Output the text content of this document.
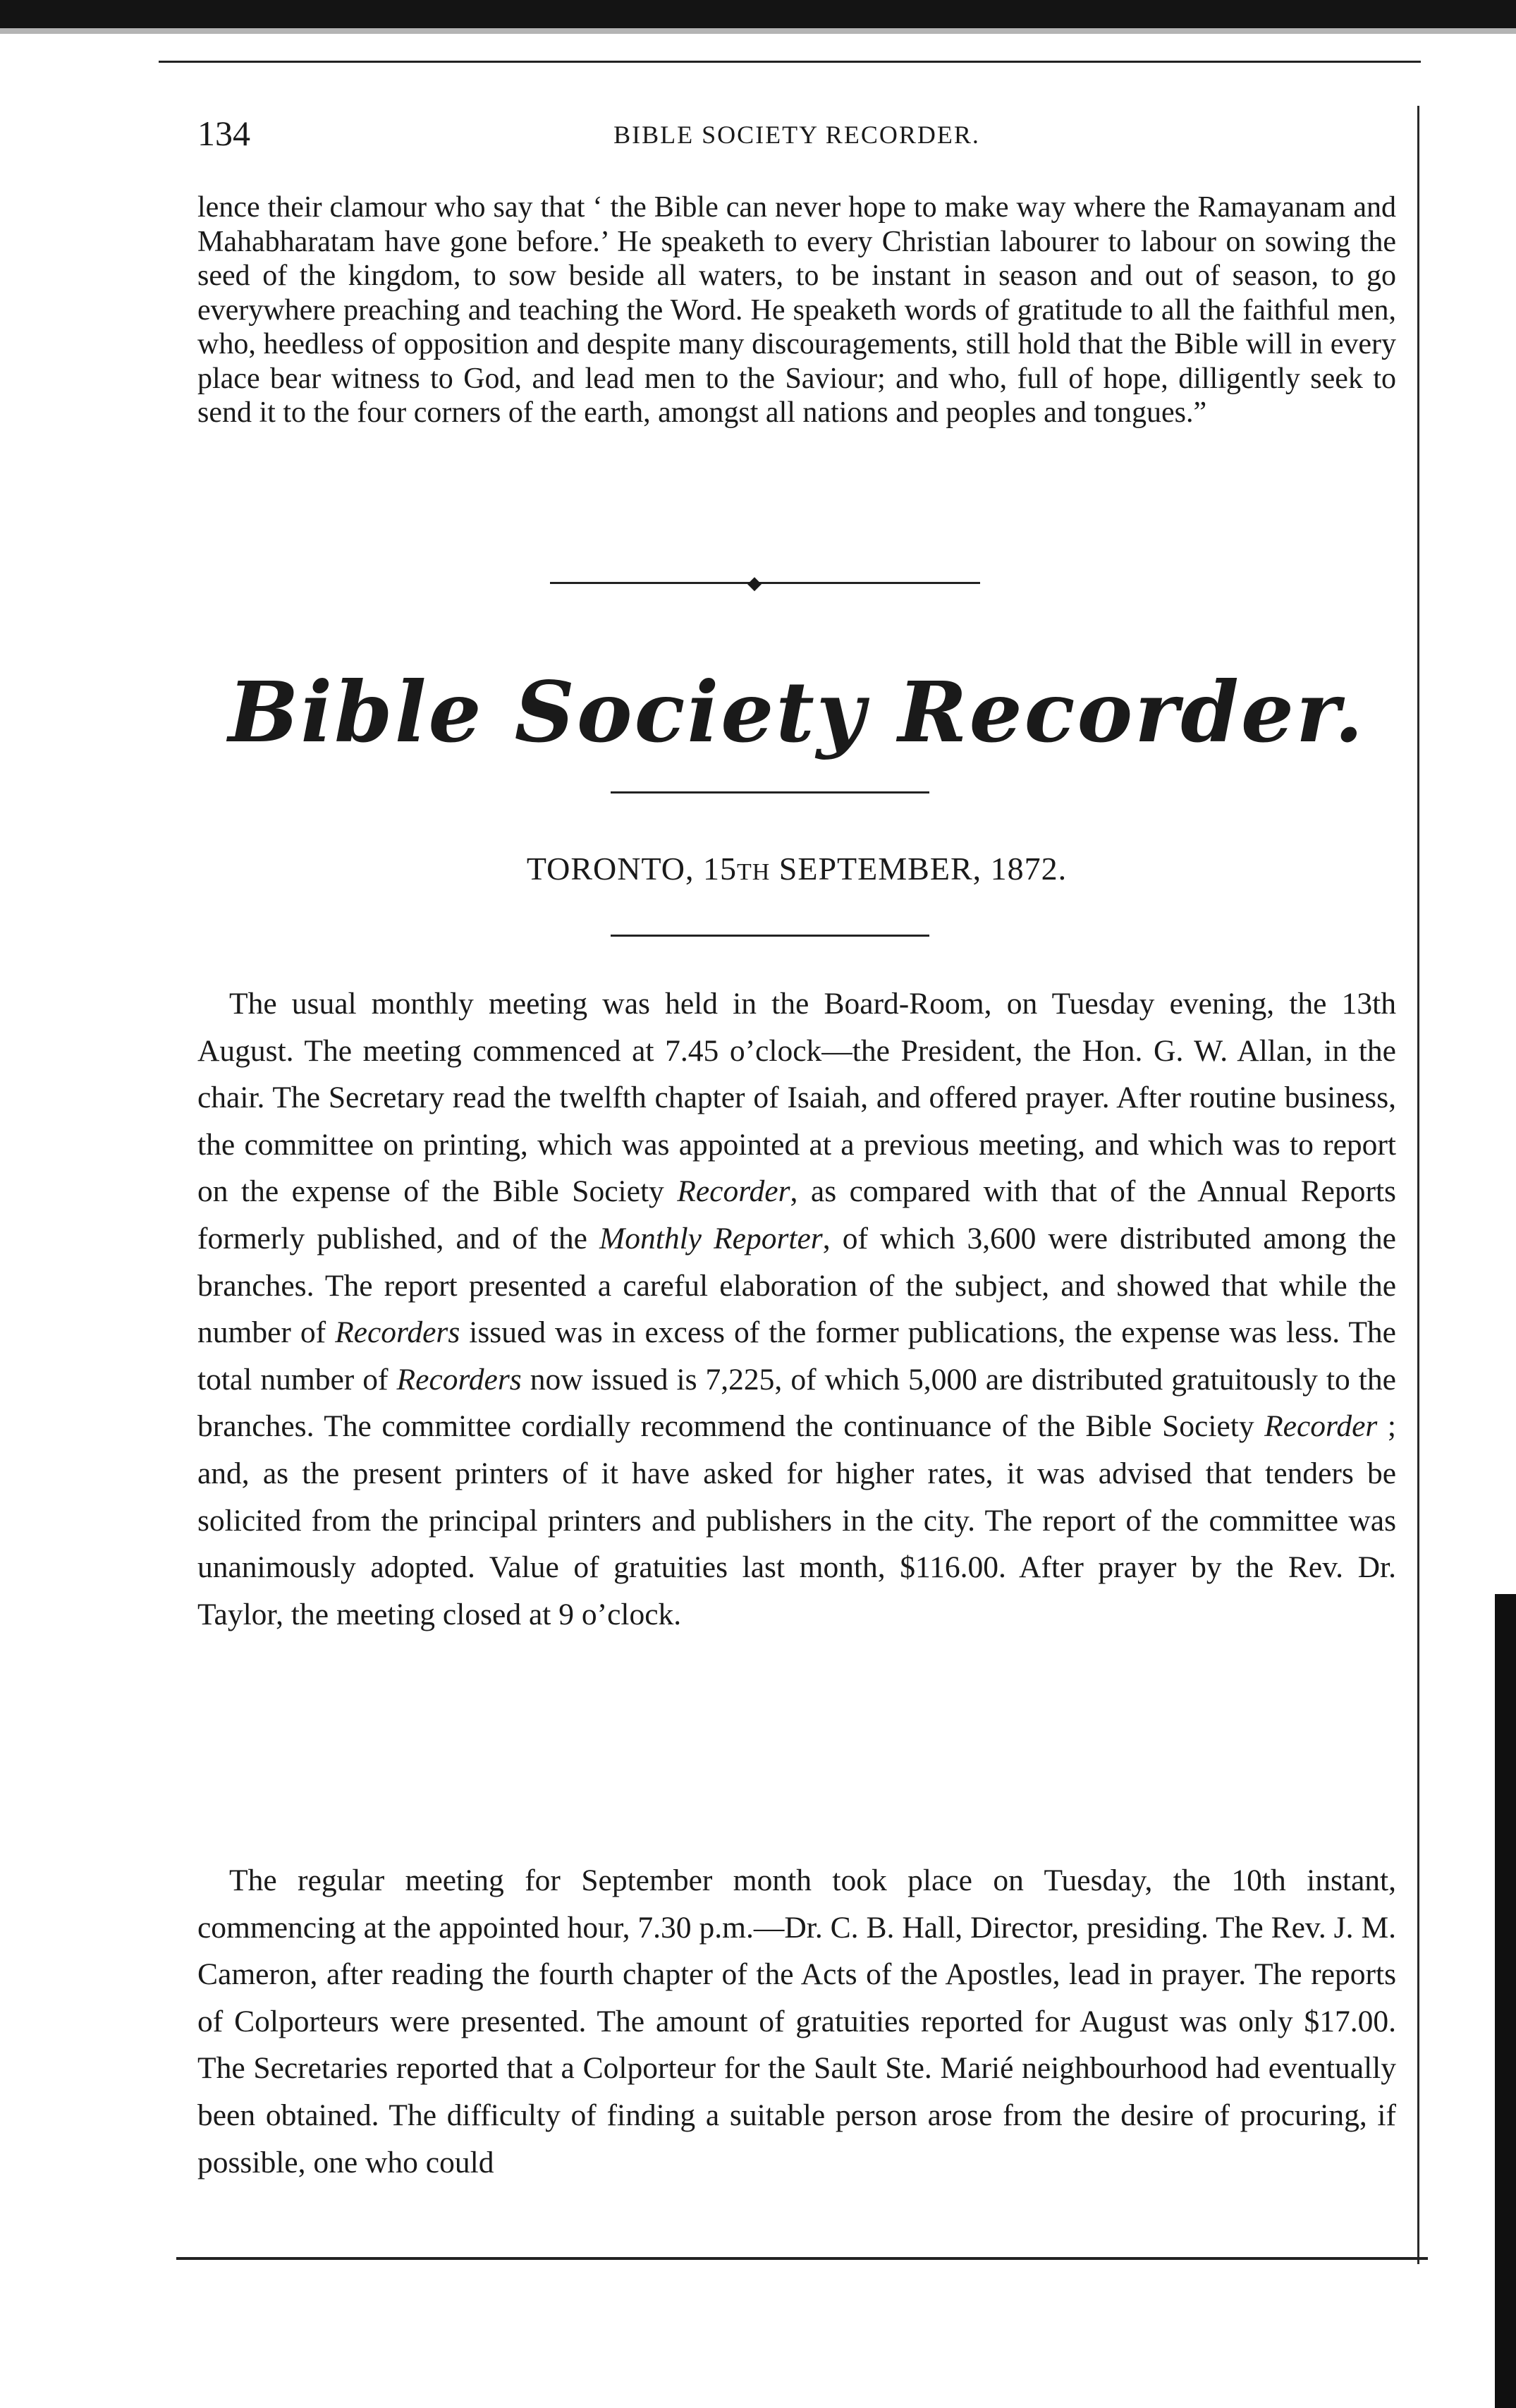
134	BIBLE SOCIETY RECORDER.
lence their clamour who say that ‘ the Bible can never hope to make way where the Ramayanam and Mahabharatam have gone before.’ He speaketh to every Christian labourer to labour on sowing the seed of the kingdom, to sow beside all waters, to be instant in season and out of season, to go everywhere preaching and teaching the Word. He speaketh words of gratitude to all the faithful men, who, heedless of opposition and despite many discouragements, still hold that the Bible will in every place bear witness to God, and lead men to the Saviour; and who, full of hope, dilligently seek to send it to the four corners of the earth, amongst all nations and peoples and tongues.”
◆
Bible Society Recorder.
TORONTO, 15TH SEPTEMBER, 1872.

The usual monthly meeting was held in the Board-Room, on Tuesday evening, the 13th August. The meeting commenced at 7.45 o’clock—the President, the Hon. G. W. Allan, in the chair. The Secretary read the twelfth chapter of Isaiah, and offered prayer. After routine business, the committee on printing, which was appointed at a previous meeting, and which was to report on the expense of the Bible Society Recorder, as compared with that of the Annual Reports formerly published, and of the Monthly Reporter, of which 3,600 were distributed among the branches. The report presented a careful elaboration of the subject, and showed that while the number of Recorders issued was in excess of the former publications, the expense was less. The total number of Recorders now issued is 7,225, of which 5,000 are distributed gratuitously to the branches. The committee cordially recommend the continuance of the Bible Society Recorder ; and, as the present printers of it have asked for higher rates, it was advised that tenders be solicited from the principal printers and publishers in the city. The report of the committee was unanimously adopted. Value of gratuities last month, $116.00. After prayer by the Rev. Dr. Taylor, the meeting closed at 9 o’clock.

The regular meeting for September month took place on Tuesday, the 10th instant, commencing at the appointed hour, 7.30 p.m.—Dr. C. B. Hall, Director, presiding. The Rev. J. M. Cameron, after reading the fourth chapter of the Acts of the Apostles, lead in prayer. The reports of Colporteurs were presented. The amount of gratuities reported for August was only $17.00. The Secretaries reported that a Colporteur for the Sault Ste. Marié neighbourhood had eventually been obtained. The difficulty of finding a suitable person arose from the desire of procuring, if possible, one who could
